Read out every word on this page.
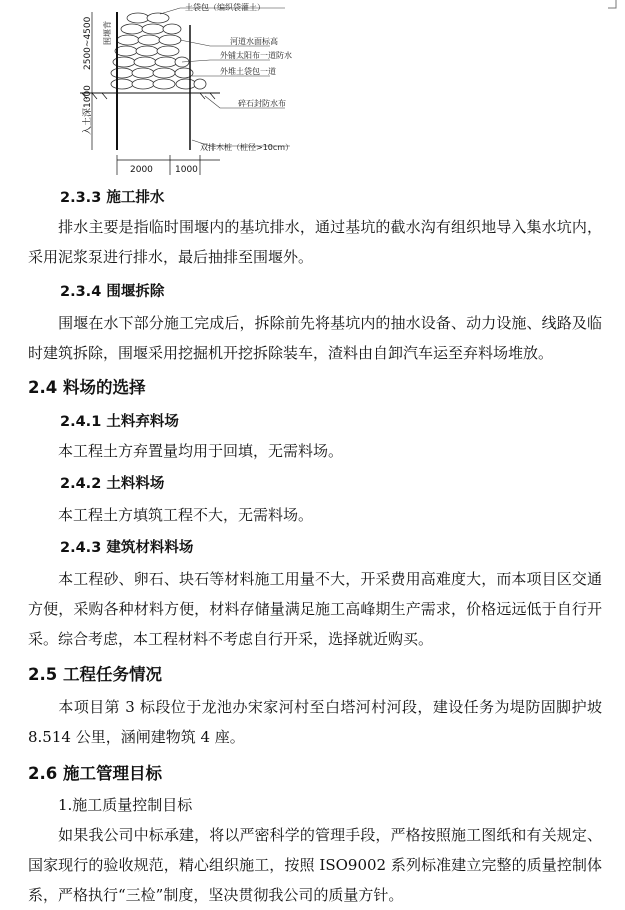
2500~4500
入土深1000
围堰背
2000 1000
土袋包（编织袋灌土）
河道水面标高
外铺太阳布一道防水
外堆土袋包一道
碎石封防水布
双排木桩（桩径>10cm）
2.3.3 施工排水
排水主要是指临时围堰内的基坑排水，通过基坑的截水沟有组织地导入集水坑内，采用泥浆泵进行排水，最后抽排至围堰外。
2.3.4 围堰拆除
围堰在水下部分施工完成后，拆除前先将基坑内的抽水设备、动力设施、线路及临时建筑拆除，围堰采用挖掘机开挖拆除装车，渣料由自卸汽车运至弃料场堆放。
2.4 料场的选择
2.4.1 土料弃料场
本工程土方弃置量均用于回填，无需料场。
2.4.2 土料料场
本工程土方填筑工程不大，无需料场。
2.4.3 建筑材料料场
本工程砂、卵石、块石等材料施工用量不大，开采费用高难度大，而本项目区交通方便，采购各种材料方便，材料存储量满足施工高峰期生产需求，价格远远低于自行开采。综合考虑，本工程材料不考虑自行开采，选择就近购买。
2.5 工程任务情况
本项目第 3 标段位于龙池办宋家河村至白塔河村河段，建设任务为堤防固脚护坡 8.514 公里，涵闸建物筑 4 座。
2.6 施工管理目标
1.施工质量控制目标
如果我公司中标承建，将以严密科学的管理手段，严格按照施工图纸和有关规定、国家现行的验收规范，精心组织施工，按照 ISO9002 系列标准建立完整的质量控制体系，严格执行“三检”制度，坚决贯彻我公司的质量方针。
